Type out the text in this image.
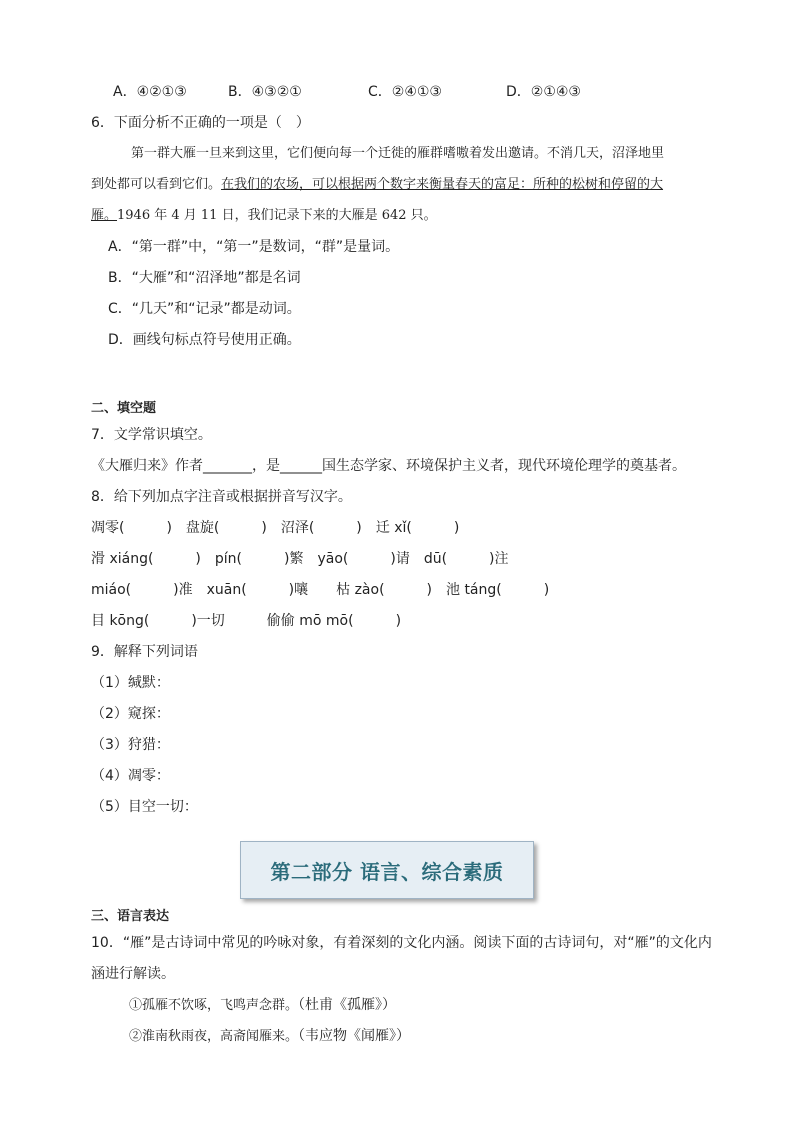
A．④②①③	B．④③②①	C．②④①③	D．②①④③
6．下面分析不正确的一项是（　）
第一群大雁一旦来到这里，它们便向每一个迁徙的雁群嗜嗷着发出邀请。不消几天，沼泽地里
到处都可以看到它们。在我们的农场，可以根据两个数字来衡量春天的富足：所种的松树和停留的大
雁。1946 年 4 月 11 日，我们记录下来的大雁是 642 只。
A．“第一群”中，“第一”是数词，“群”是量词。
B．“大雁”和“沼泽地”都是名词
C．“几天”和“记录”都是动词。
D．画线句标点符号使用正确。
二、填空题
7．文学常识填空。
《大雁归来》作者_______，是______国生态学家、环境保护主义者，现代环境伦理学的奠基者。
8．给下列加点字注音或根据拼音写汉字。
凋零(　　　)　盘旋(　　　)　沼泽(　　　)　迁 xǐ(　　　)
滑 xiáng(　　　)　pín(　　　)繁　yāo(　　　)请　dū(　　　)注
miáo(　　　)准　xuān(　　　)嚷　　枯 zào(　　　)　池 táng(　　　)
目 kōng(　　　)一切　　　偷偷 mō mō(　　　)
9．解释下列词语
（1）缄默：
（2）窥探：
（3）狩猎：
（4）凋零：
（5）目空一切：
第二部分 语言、综合素质
三、语言表达
10．“雁”是古诗词中常见的吟咏对象，有着深刻的文化内涵。阅读下面的古诗词句，对“雁”的文化内
涵进行解读。
①孤雁不饮啄，飞鸣声念群。（杜甫《孤雁》）
②淮南秋雨夜，高斋闻雁来。（韦应物《闻雁》）
